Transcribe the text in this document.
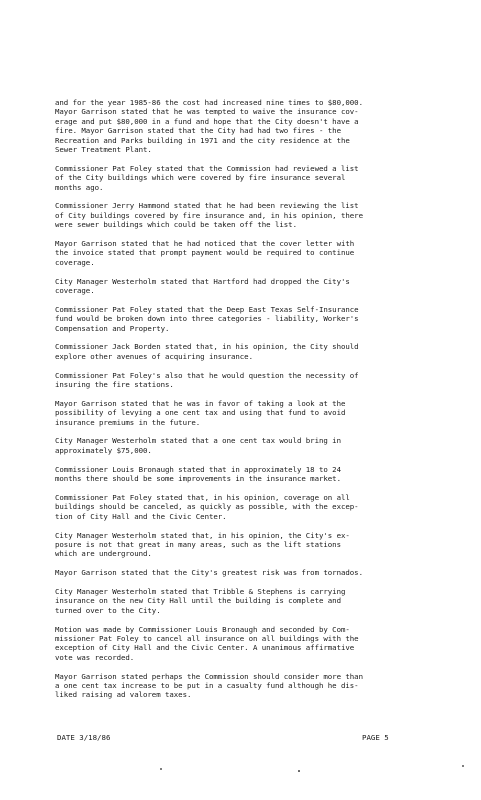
and for the year 1985-86 the cost had increased nine times to $80,000.
Mayor Garrison stated that he was tempted to waive the insurance cov-
erage and put $80,000 in a fund and hope that the City doesn't have a
fire. Mayor Garrison stated that the City had had two fires - the
Recreation and Parks building in 1971 and the city residence at the
Sewer Treatment Plant.

Commissioner Pat Foley stated that the Commission had reviewed a list
of the City buildings which were covered by fire insurance several
months ago.

Commissioner Jerry Hammond stated that he had been reviewing the list
of City buildings covered by fire insurance and, in his opinion, there
were sewer buildings which could be taken off the list.

Mayor Garrison stated that he had noticed that the cover letter with
the invoice stated that prompt payment would be required to continue
coverage.

City Manager Westerholm stated that Hartford had dropped the City's
coverage.

Commissioner Pat Foley stated that the Deep East Texas Self-Insurance
fund would be broken down into three categories - liability, Worker's
Compensation and Property.

Commissioner Jack Borden stated that, in his opinion, the City should
explore other avenues of acquiring insurance.

Commissioner Pat Foley's also that he would question the necessity of
insuring the fire stations.

Mayor Garrison stated that he was in favor of taking a look at the
possibility of levying a one cent tax and using that fund to avoid
insurance premiums in the future.

City Manager Westerholm stated that a one cent tax would bring in
approximately $75,000.

Commissioner Louis Bronaugh stated that in approximately 18 to 24
months there should be some improvements in the insurance market.

Commissioner Pat Foley stated that, in his opinion, coverage on all
buildings should be canceled, as quickly as possible, with the excep-
tion of City Hall and the Civic Center.

City Manager Westerholm stated that, in his opinion, the City's ex-
posure is not that great in many areas, such as the lift stations
which are underground.

Mayor Garrison stated that the City's greatest risk was from tornados.

City Manager Westerholm stated that Tribble & Stephens is carrying
insurance on the new City Hall until the building is complete and
turned over to the City.

Motion was made by Commissioner Louis Bronaugh and seconded by Com-
missioner Pat Foley to cancel all insurance on all buildings with the
exception of City Hall and the Civic Center. A unanimous affirmative
vote was recorded.

Mayor Garrison stated perhaps the Commission should consider more than
a one cent tax increase to be put in a casualty fund although he dis-
liked raising ad valorem taxes.

DATE 3/18/86	PAGE 5
